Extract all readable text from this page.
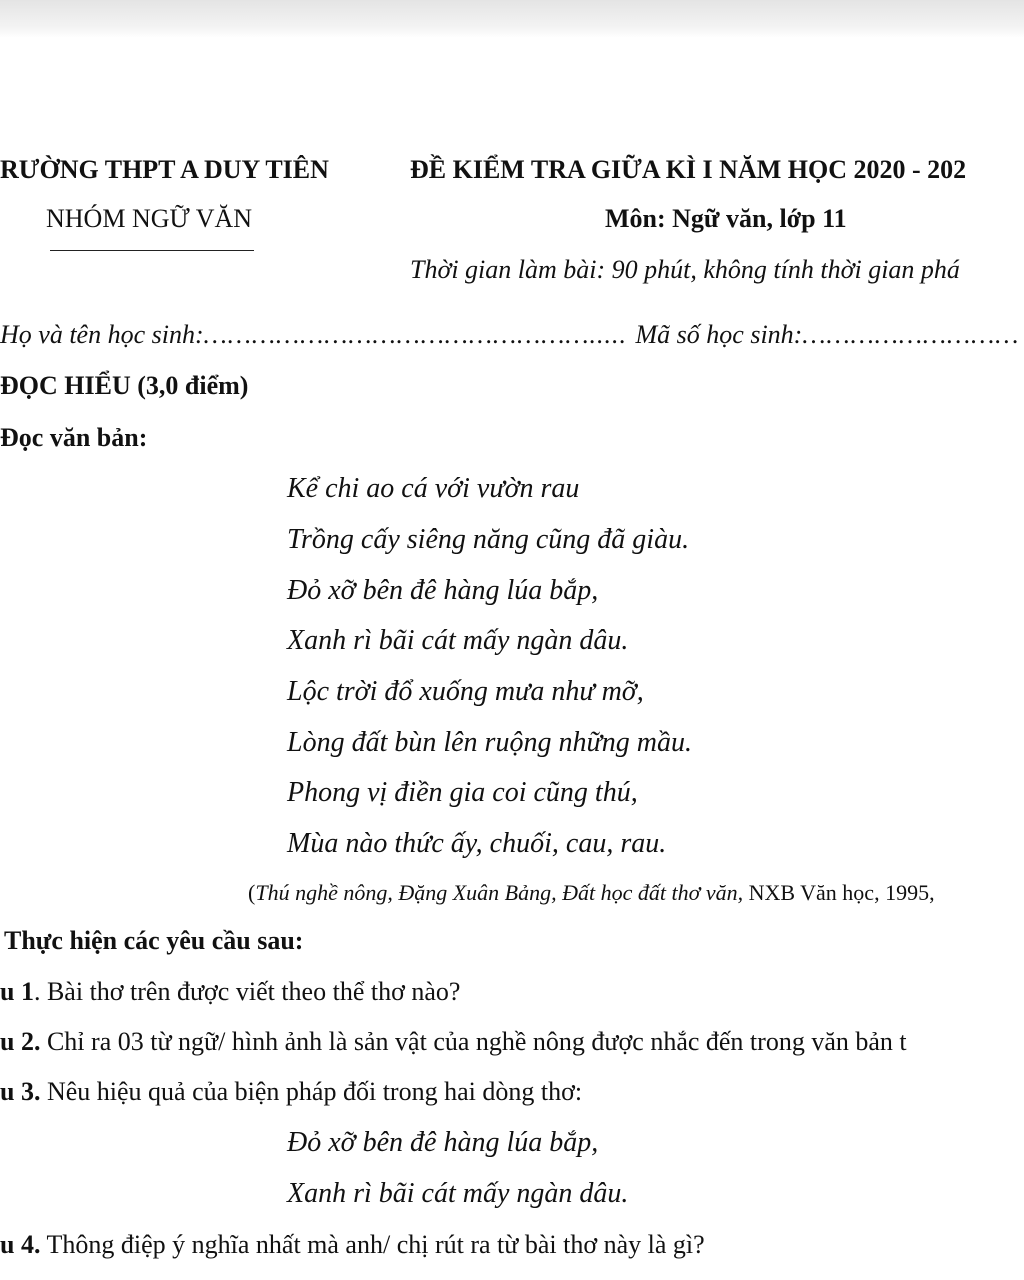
RƯỜNG THPT A DUY TIÊN
NHÓM NGỮ VĂN
ĐỀ KIỂM TRA GIỮA KÌ I NĂM HỌC 2020 - 202
Môn: Ngữ văn, lớp 11
Thời gian làm bài: 90 phút, không tính thời gian phá
Họ và tên học sinh:…………………………………………..... Mã số học sinh:………………………
ĐỌC HIỂU (3,0 điểm)
Đọc văn bản:
Kể chi ao cá với vườn rau
Trồng cấy siêng năng cũng đã giàu.
Đỏ xỡ bên đê hàng lúa bắp,
Xanh rì bãi cát mấy ngàn dâu.
Lộc trời đổ xuống mưa như mỡ,
Lòng đất bùn lên ruộng những mầu.
Phong vị điền gia coi cũng thú,
Mùa nào thức ấy, chuối, cau, rau.
(Thú nghề nông, Đặng Xuân Bảng, Đất học đất thơ văn, NXB Văn học, 1995,
Thực hiện các yêu cầu sau:
u 1. Bài thơ trên được viết theo thể thơ nào?
u 2. Chỉ ra 03 từ ngữ/ hình ảnh là sản vật của nghề nông được nhắc đến trong văn bản t
u 3. Nêu hiệu quả của biện pháp đối trong hai dòng thơ:
Đỏ xỡ bên đê hàng lúa bắp,
Xanh rì bãi cát mấy ngàn dâu.
u 4. Thông điệp ý nghĩa nhất mà anh/ chị rút ra từ bài thơ này là gì?
